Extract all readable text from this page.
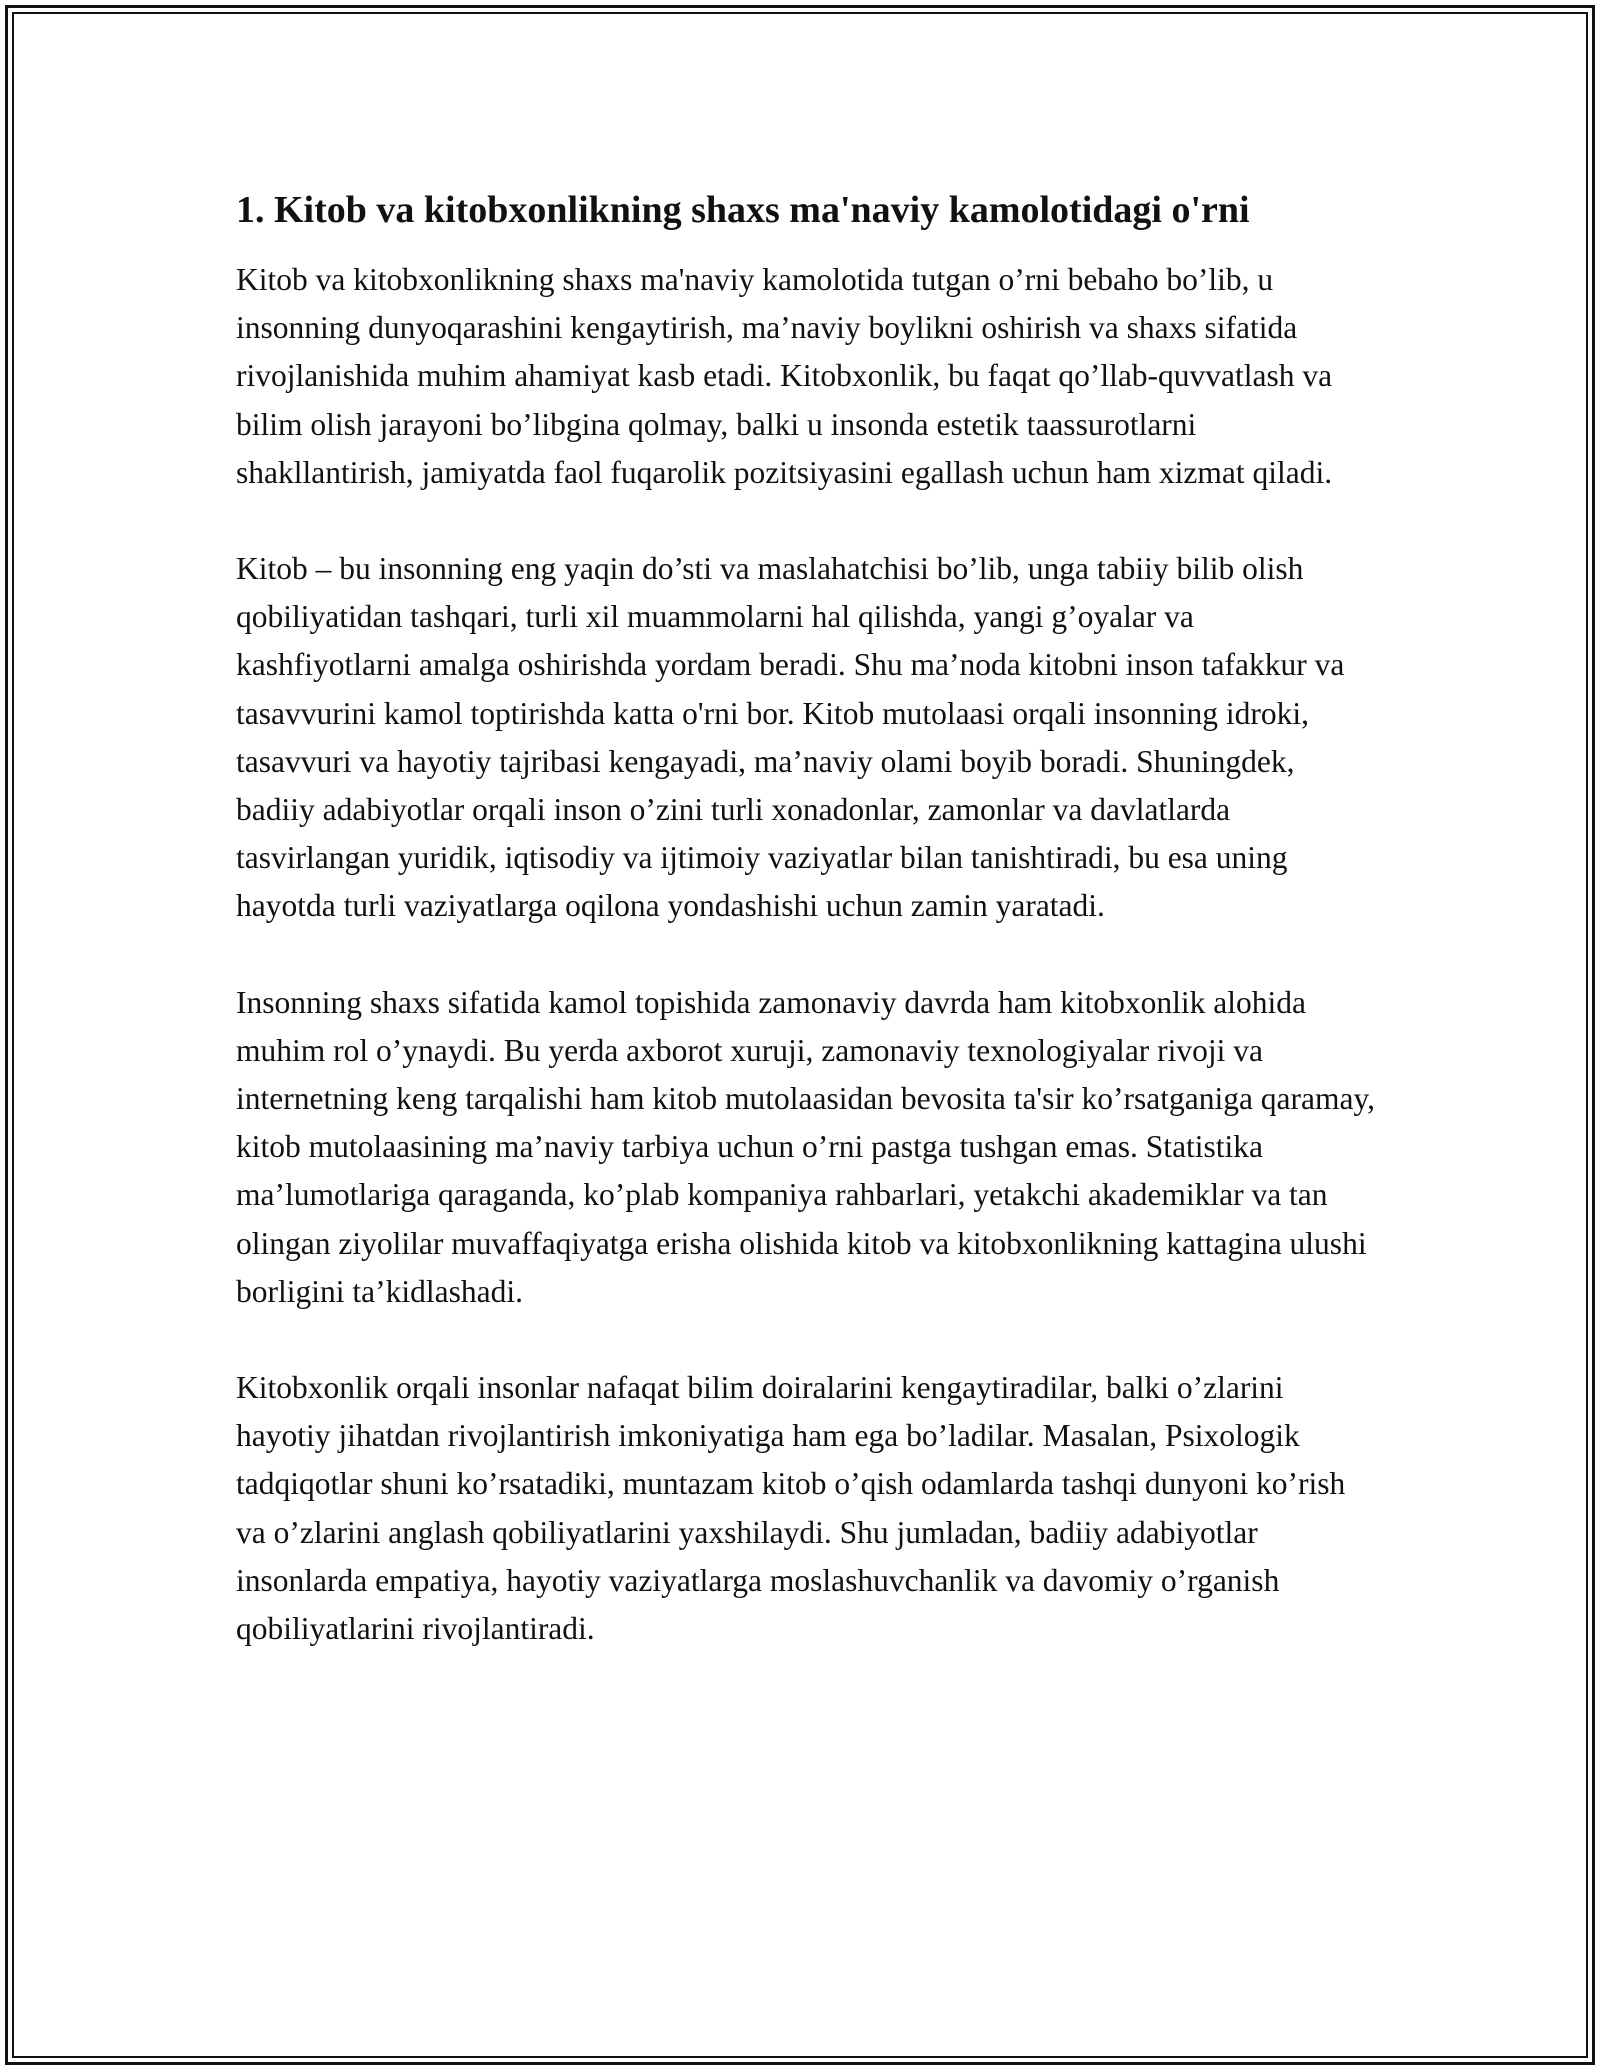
1. Kitob va kitobxonlikning shaxs ma'naviy kamolotidagi o'rni

Kitob va kitobxonlikning shaxs ma'naviy kamolotida tutgan o’rni bebaho bo’lib, u insonning dunyoqarashini kengaytirish, ma’naviy boylikni oshirish va shaxs sifatida rivojlanishida muhim ahamiyat kasb etadi. Kitobxonlik, bu faqat qo’llab-quvvatlash va bilim olish jarayoni bo’libgina qolmay, balki u insonda estetik taassurotlarni shakllantirish, jamiyatda faol fuqarolik pozitsiyasini egallash uchun ham xizmat qiladi.

Kitob – bu insonning eng yaqin do’sti va maslahatchisi bo’lib, unga tabiiy bilib olish qobiliyatidan tashqari, turli xil muammolarni hal qilishda, yangi g’oyalar va kashfiyotlarni amalga oshirishda yordam beradi. Shu ma’noda kitobni inson tafakkur va tasavvurini kamol toptirishda katta o'rni bor. Kitob mutolaasi orqali insonning idroki, tasavvuri va hayotiy tajribasi kengayadi, ma’naviy olami boyib boradi. Shuningdek, badiiy adabiyotlar orqali inson o’zini turli xonadonlar, zamonlar va davlatlarda tasvirlangan yuridik, iqtisodiy va ijtimoiy vaziyatlar bilan tanishtiradi, bu esa uning hayotda turli vaziyatlarga oqilona yondashishi uchun zamin yaratadi.

Insonning shaxs sifatida kamol topishida zamonaviy davrda ham kitobxonlik alohida muhim rol o’ynaydi. Bu yerda axborot xuruji, zamonaviy texnologiyalar rivoji va internetning keng tarqalishi ham kitob mutolaasidan bevosita ta'sir ko’rsatganiga qaramay, kitob mutolaasining ma’naviy tarbiya uchun o’rni pastga tushgan emas. Statistika ma’lumotlariga qaraganda, ko’plab kompaniya rahbarlari, yetakchi akademiklar va tan olingan ziyolilar muvaffaqiyatga erisha olishida kitob va kitobxonlikning kattagina ulushi borligini ta’kidlashadi.

Kitobxonlik orqali insonlar nafaqat bilim doiralarini kengaytiradilar, balki o’zlarini hayotiy jihatdan rivojlantirish imkoniyatiga ham ega bo’ladilar. Masalan, Psixologik tadqiqotlar shuni ko’rsatadiki, muntazam kitob o’qish odamlarda tashqi dunyoni ko’rish va o’zlarini anglash qobiliyatlarini yaxshilaydi. Shu jumladan, badiiy adabiyotlar insonlarda empatiya, hayotiy vaziyatlarga moslashuvchanlik va davomiy o’rganish qobiliyatlarini rivojlantiradi.
